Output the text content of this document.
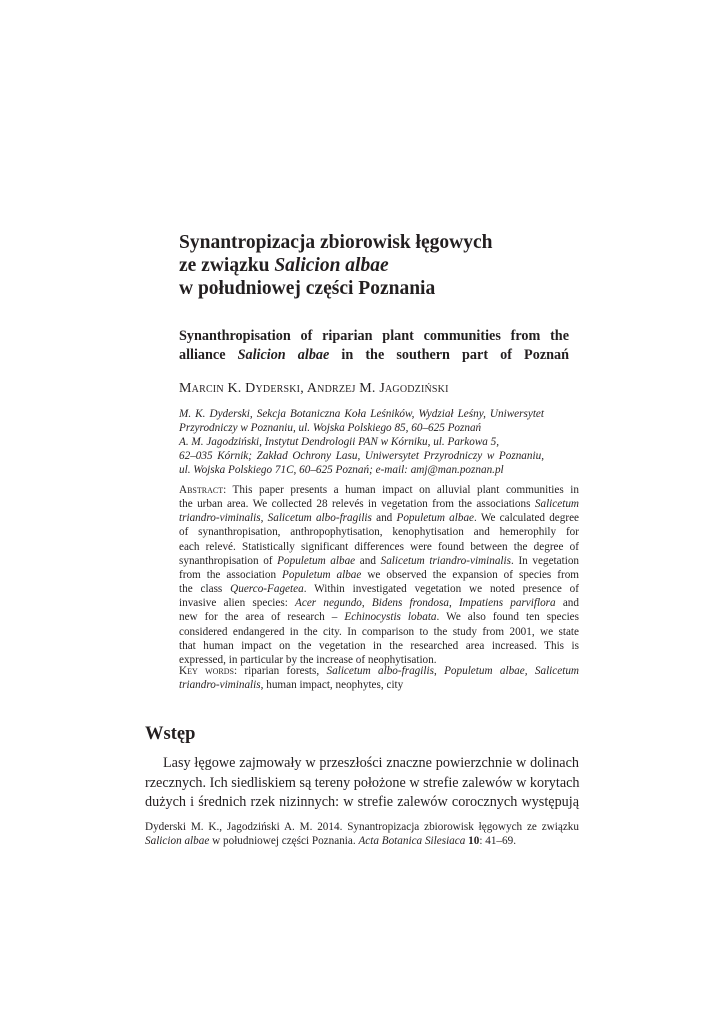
Synantropizacja zbiorowisk łęgowych
ze związku Salicion albae
w południowej części Poznania
Synanthropisation of riparian plant communities from the
alliance Salicion albae in the southern part of Poznań
Marcin K. Dyderski, Andrzej M. Jagodziński
M. K. Dyderski, Sekcja Botaniczna Koła Leśników, Wydział Leśny, Uniwersytet
Przyrodniczy w Poznaniu, ul. Wojska Polskiego 85, 60–625 Poznań
A. M. Jagodziński, Instytut Dendrologii PAN w Kórniku, ul. Parkowa 5,
62–035 Kórnik; Zakład Ochrony Lasu, Uniwersytet Przyrodniczy w Poznaniu,
ul. Wojska Polskiego 71C, 60–625 Poznań; e-mail: amj@man.poznan.pl
Abstract: This paper presents a human impact on alluvial plant communities in
the urban area. We collected 28 relevés in vegetation from the associations Salicetum
triandro-viminalis, Salicetum albo-fragilis and Populetum albae. We calculated degree
of synanthropisation, anthropophytisation, kenophytisation and hemerophily for
each relevé. Statistically significant differences were found between the degree of
synanthropisation of Populetum albae and Salicetum triandro-viminalis. In vegetation
from the association Populetum albae we observed the expansion of species from
the class Querco-Fagetea. Within investigated vegetation we noted presence of
invasive alien species: Acer negundo, Bidens frondosa, Impatiens parviflora and
new for the area of research – Echinocystis lobata. We also found ten species
considered endangered in the city. In comparison to the study from 2001, we state
that human impact on the vegetation in the researched area increased. This is
expressed, in particular by the increase of neophytisation.
Key words: riparian forests, Salicetum albo-fragilis, Populetum albae, Salicetum
triandro-viminalis, human impact, neophytes, city
Wstęp
Lasy łęgowe zajmowały w przeszłości znaczne powierzchnie w dolinach
rzecznych. Ich siedliskiem są tereny położone w strefie zalewów w korytach
dużych i średnich rzek nizinnych: w strefie zalewów corocznych występują
Dyderski M. K., Jagodziński A. M. 2014. Synantropizacja zbiorowisk łęgowych ze związku
Salicion albae w południowej części Poznania. Acta Botanica Silesiaca 10: 41–69.
